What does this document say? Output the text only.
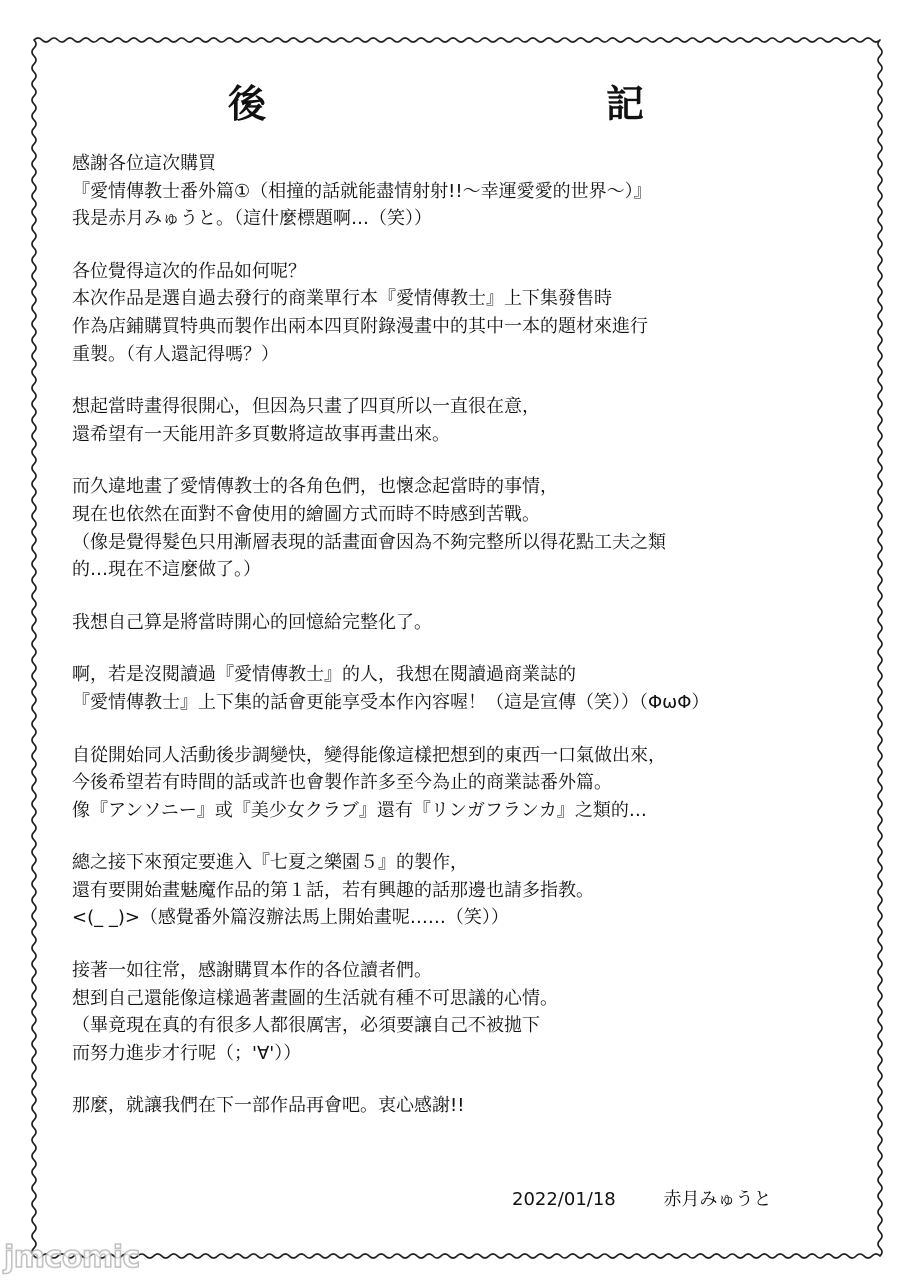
後	記
感謝各位這次購買
『愛情傳教士番外篇①（相撞的話就能盡情射射!!～幸運愛愛的世界～）』
我是赤月みゅうと。（這什麼標題啊…（笑））
各位覺得這次的作品如何呢？
本次作品是選自過去發行的商業單行本『愛情傳教士』上下集發售時
作為店鋪購買特典而製作出兩本四頁附錄漫畫中的其中一本的題材來進行
重製。（有人還記得嗎？）
想起當時畫得很開心，但因為只畫了四頁所以一直很在意，
還希望有一天能用許多頁數將這故事再畫出來。
而久違地畫了愛情傳教士的各角色們，也懷念起當時的事情，
現在也依然在面對不會使用的繪圖方式而時不時感到苦戰。
（像是覺得髮色只用漸層表現的話畫面會因為不夠完整所以得花點工夫之類
的…現在不這麼做了。）
我想自己算是將當時開心的回憶給完整化了。
啊，若是沒閱讀過『愛情傳教士』的人，我想在閱讀過商業誌的
『愛情傳教士』上下集的話會更能享受本作內容喔！（這是宣傳（笑））（ΦωΦ）
自從開始同人活動後步調變快，變得能像這樣把想到的東西一口氣做出來，
今後希望若有時間的話或許也會製作許多至今為止的商業誌番外篇。
像『アンソニー』或『美少女クラブ』還有『リンガフランカ』之類的…
總之接下來預定要進入『七夏之樂園５』的製作，
還有要開始畫魅魔作品的第１話，若有興趣的話那邊也請多指教。
<(_ _)>（感覺番外篇沒辦法馬上開始畫呢……（笑））
接著一如往常，感謝購買本作的各位讀者們。
想到自己還能像這樣過著畫圖的生活就有種不可思議的心情。
（畢竟現在真的有很多人都很厲害，必須要讓自己不被拋下
而努力進步才行呢（；'∀'））
那麼，就讓我們在下一部作品再會吧。衷心感謝!!
2022/01/18	赤月みゅうと
jmcomic
